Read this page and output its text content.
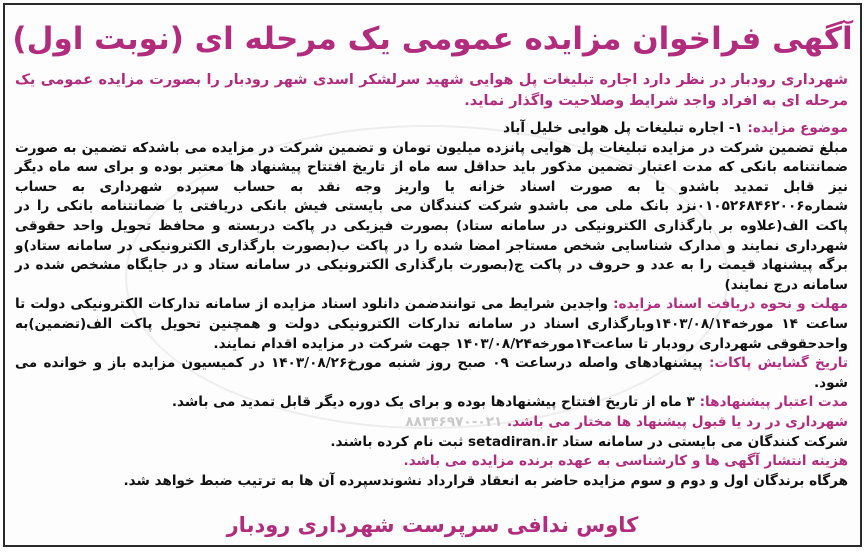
آگهی فراخوان مزایده عمومی یک مرحله ای (نوبت اول)
شهرداری رودبار در نظر دارد اجاره تبلیغات پل هوایی شهید سرلشکر اسدی شهر رودبار را بصورت مزایده عمومی یک مرحله ای به افراد واجد شرایط وصلاحیت واگذار نماید.

موضوع مزایده: ۱- اجاره تبلیغات پل هوایی خلیل آباد

مبلغ تضمین شرکت در مزایده تبلیغات پل هوایی پانزده میلیون تومان و تضمین شرکت در مزایده می باشدکه تضمین به صورت ضمانتنامه بانکی که مدت اعتبار تضمین مذکور باید حداقل سه ماه از تاریخ افتتاح پیشنهاد ها معتبر بوده و برای سه ماه دیگر نیز قابل تمدید باشدو یا به صورت اسناد خزانه یا واریز وجه نقد به حساب سپرده شهرداری به حساب شماره۰۱۰۵۲۶۸۴۶۲۰۰۶نزد بانک ملی می باشدو شرکت کنندگان می بایستی فیش بانکی دریافتی یا ضمانتنامه بانکی را در پاکت الف(علاوه بر بارگذاری الکترونیکی در سامانه ستاد) بصورت فیزیکی در پاکت دربسته و محافظ تحویل واحد حقوقی شهرداری نمایند و مدارک شناسایی شخص مستاجر امضا شده را در پاکت ب(بصورت بارگذاری الکترونیکی در سامانه ستاد)و برگه پیشنهاد قیمت را به عدد و حروف در پاکت ج(بصورت بارگذاری الکترونیکی در سامانه ستاد و در جایگاه مشخص شده در سامانه درج نمایند)

مهلت و نحوه دریافت اسناد مزایده: واجدین شرایط می توانندضمن دانلود اسناد مزایده از سامانه تدارکات الکترونیکی دولت تا ساعت ۱۴ مورخه۱۴۰۳/۰۸/۱۴وبارگذاری اسناد در سامانه تدارکات الکترونیکی دولت و همچنین تحویل پاکت الف(تضمین)به واحدحقوقی شهرداری رودبار تا ساعت۱۴مورخه۱۴۰۳/۰۸/۲۴ جهت شرکت در مزایده اقدام نمایند.

تاریخ گشایش پاکات: پیشنهادهای واصله درساعت ۰۹ صبح روز شنبه مورخ۱۴۰۳/۰۸/۲۶ در کمیسیون مزایده باز و خوانده می شود.

مدت اعتبار پیشنهادها: ۳ ماه از تاریخ افتتاح پیشنهادها بوده و برای یک دوره دیگر قابل تمدید می باشد.

شهرداری در رد یا قبول پیشنهاد ها مختار می باشد. ۰۲۱-۸۸۳۴۶۹۷۰

شرکت کنندگان می بایستی در سامانه ستاد setadiran.ir ثبت نام کرده باشند.

هزینه انتشار آگهی ها و کارشناسی به عهده برنده مزایده می باشد.

هرگاه برندگان اول و دوم و سوم مزایده حاضر به انعقاد قرارداد نشوندسپرده آن ها به ترتیب ضبط خواهد شد.

کاوس ندافی سرپرست شهرداری رودبار
